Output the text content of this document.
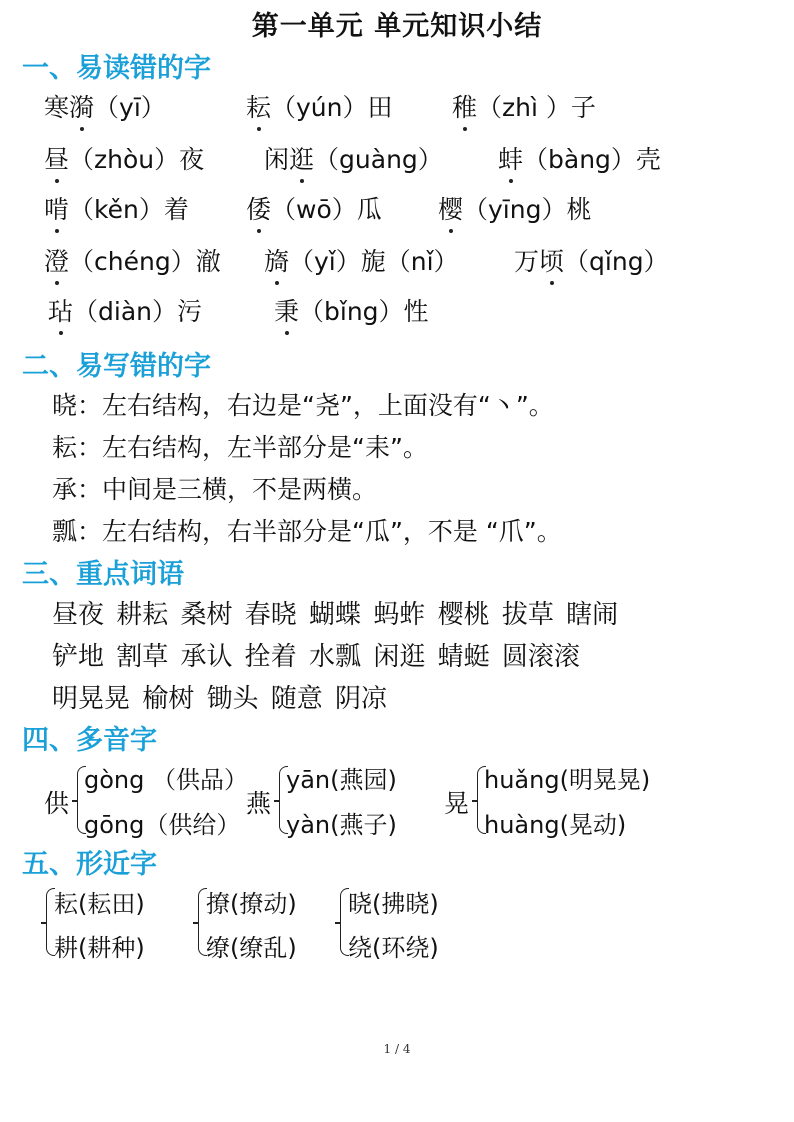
第一单元 单元知识小结
一、易读错的字
寒漪（yī）	耘（yún）田 稚（zhì ）子
昼（zhòu）夜 闲逛（guàng） 蚌（bàng）壳
啃（kěn）着 倭（wō）瓜 樱（yīng）桃
澄（chéng）澈 旖（yǐ）旎（nǐ） 万顷（qǐng）
玷（diàn）污	秉（bǐng）性
二、易写错的字
晓：左右结构，右边是“尧”，上面没有“丶”。
耘：左右结构，左半部分是“耒”。
承：中间是三横，不是两横。
瓢：左右结构，右半部分是“瓜”，不是 “爪”。
三、重点词语
昼夜 耕耘 桑树 春晓 蝴蝶 蚂蚱 樱桃 拔草 瞎闹
铲地 割草 承认 拴着 水瓢 闲逛 蜻蜓 圆滚滚
明晃晃 榆树 锄头 随意 阴凉
四、多音字
供
gòng （供品）
gōng（供给）
燕
yān(燕园)
yàn(燕子)
晃
huǎng(明晃晃)
huàng(晃动)
五、形近字
耘(耘田)
耕(耕种)
撩(撩动)
缭(缭乱)
晓(拂晓)
绕(环绕)
1 / 4
